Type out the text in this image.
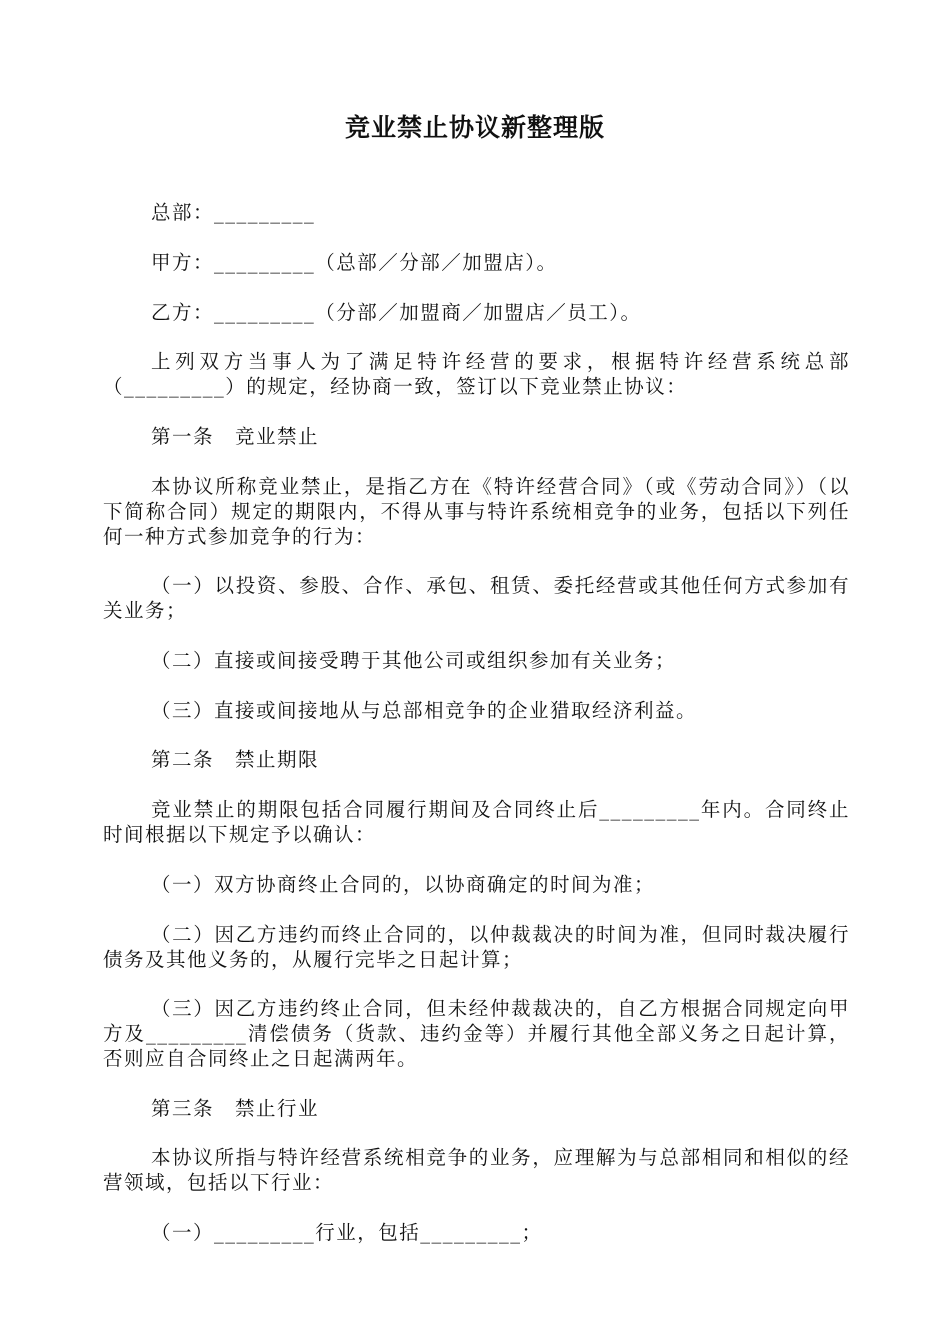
竞业禁止协议新整理版
总部：_________
甲方：_________（总部／分部／加盟店）。
乙方：_________（分部／加盟商／加盟店／员工）。
上列双方当事人为了满足特许经营的要求，根据特许经营系统总部（_________）的规定，经协商一致，签订以下竞业禁止协议：
第一条　竞业禁止
本协议所称竞业禁止，是指乙方在《特许经营合同》（或《劳动合同》）（以下简称合同）规定的期限内，不得从事与特许系统相竞争的业务，包括以下列任何一种方式参加竞争的行为：
（一）以投资、参股、合作、承包、租赁、委托经营或其他任何方式参加有关业务；
（二）直接或间接受聘于其他公司或组织参加有关业务；
（三）直接或间接地从与总部相竞争的企业猎取经济利益。
第二条　禁止期限
竞业禁止的期限包括合同履行期间及合同终止后_________年内。合同终止时间根据以下规定予以确认：
（一）双方协商终止合同的，以协商确定的时间为准；
（二）因乙方违约而终止合同的，以仲裁裁决的时间为准，但同时裁决履行债务及其他义务的，从履行完毕之日起计算；
（三）因乙方违约终止合同，但未经仲裁裁决的，自乙方根据合同规定向甲方及_________清偿债务（货款、违约金等）并履行其他全部义务之日起计算，否则应自合同终止之日起满两年。
第三条　禁止行业
本协议所指与特许经营系统相竞争的业务，应理解为与总部相同和相似的经营领域，包括以下行业：
（一）_________行业，包括_________；
